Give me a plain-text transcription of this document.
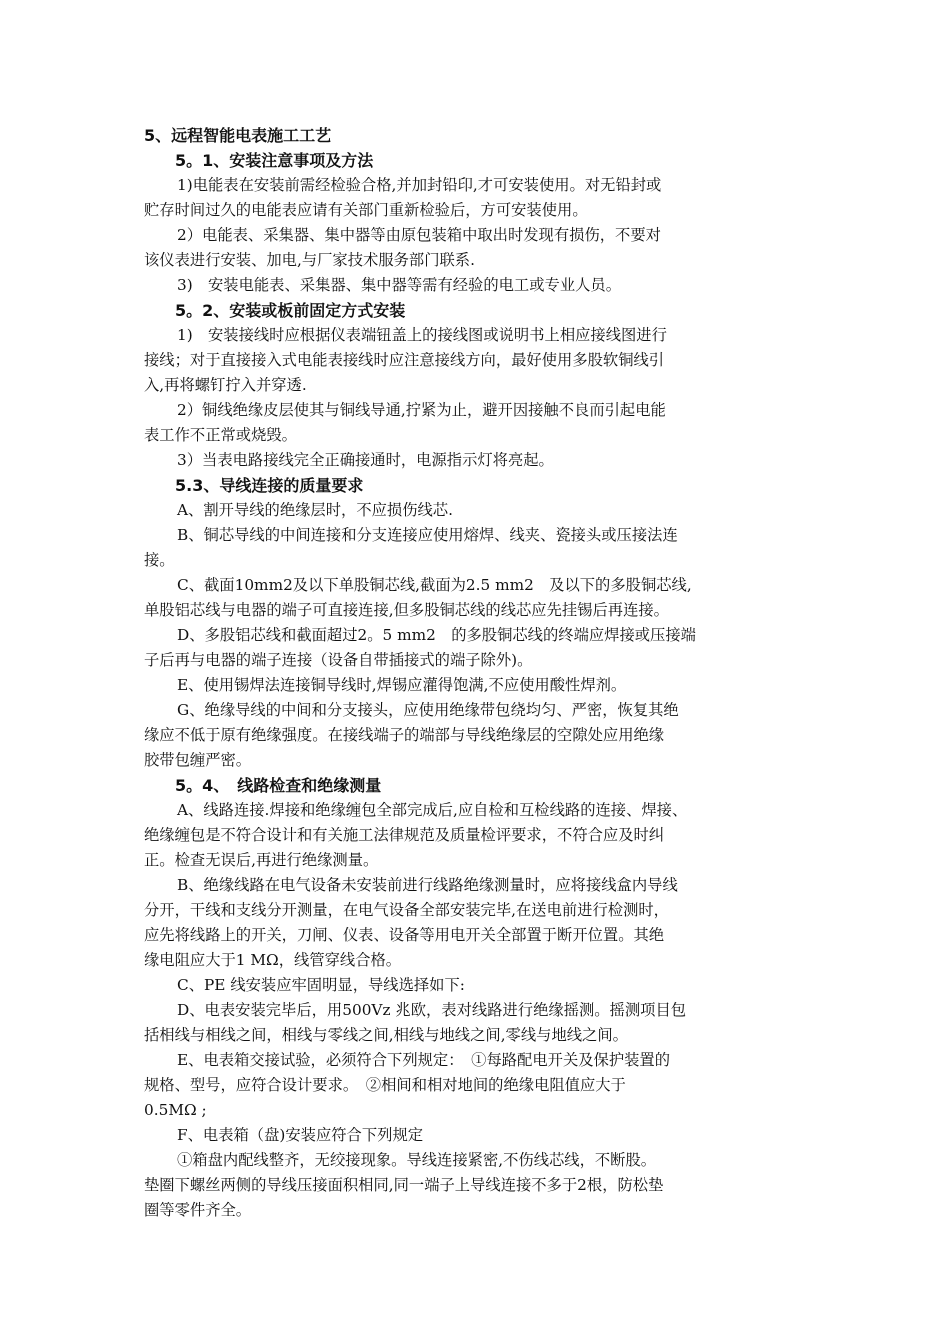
5、远程智能电表施工工艺
5。1、安装注意事项及方法
1)电能表在安装前需经检验合格,并加封铅印,才可安装使用。对无铅封或
贮存时间过久的电能表应请有关部门重新检验后，方可安装使用。
2）电能表、采集器、集中器等由原包装箱中取出时发现有损伤，不要对
该仪表进行安装、加电,与厂家技术服务部门联系.
3)　安装电能表、采集器、集中器等需有经验的电工或专业人员。
5。2、安装或板前固定方式安装
1)　安装接线时应根据仪表端钮盖上的接线图或说明书上相应接线图进行
接线；对于直接接入式电能表接线时应注意接线方向，最好使用多股软铜线引
入,再将螺钉拧入并穿透.
2）铜线绝缘皮层使其与铜线导通,拧紧为止，避开因接触不良而引起电能
表工作不正常或烧毁。
3）当表电路接线完全正确接通时，电源指示灯将亮起。
5.3、导线连接的质量要求
A、割开导线的绝缘层时，不应损伤线芯.
B、铜芯导线的中间连接和分支连接应使用熔焊、线夹、瓷接头或压接法连
接。
C、截面10mm2及以下单股铜芯线,截面为2.5 mm2　及以下的多股铜芯线,
单股铝芯线与电器的端子可直接连接,但多股铜芯线的线芯应先挂锡后再连接。
D、多股铝芯线和截面超过2。5 mm2　的多股铜芯线的终端应焊接或压接端
子后再与电器的端子连接（设备自带插接式的端子除外)。
E、使用锡焊法连接铜导线时,焊锡应灌得饱满,不应使用酸性焊剂。
G、绝缘导线的中间和分支接头，应使用绝缘带包绕均匀、严密，恢复其绝
缘应不低于原有绝缘强度。在接线端子的端部与导线绝缘层的空隙处应用绝缘
胶带包缠严密。
5。4、　线路检查和绝缘测量
A、线路连接.焊接和绝缘缠包全部完成后,应自检和互检线路的连接、焊接、
绝缘缠包是不符合设计和有关施工法律规范及质量检评要求，不符合应及时纠
正。检查无误后,再进行绝缘测量。
B、绝缘线路在电气设备未安装前进行线路绝缘测量时，应将接线盒内导线
分开，干线和支线分开测量，在电气设备全部安装完毕,在送电前进行检测时，
应先将线路上的开关，刀闸、仪表、设备等用电开关全部置于断开位置。其绝
缘电阻应大于1 MΩ，线管穿线合格。
C、PE 线安装应牢固明显，导线选择如下:
D、电表安装完毕后，用500Vz 兆欧，表对线路进行绝缘摇测。摇测项目包
括相线与相线之间，相线与零线之间,相线与地线之间,零线与地线之间。
E、电表箱交接试验，必须符合下列规定：　①每路配电开关及保护装置的
规格、型号，应符合设计要求。　②相间和相对地间的绝缘电阻值应大于
0.5MΩ ;
F、电表箱（盘)安装应符合下列规定
①箱盘内配线整齐，无绞接现象。导线连接紧密,不伤线芯线，不断股。
垫圈下螺丝两侧的导线压接面积相同,同一端子上导线连接不多于2根，防松垫
圈等零件齐全。
